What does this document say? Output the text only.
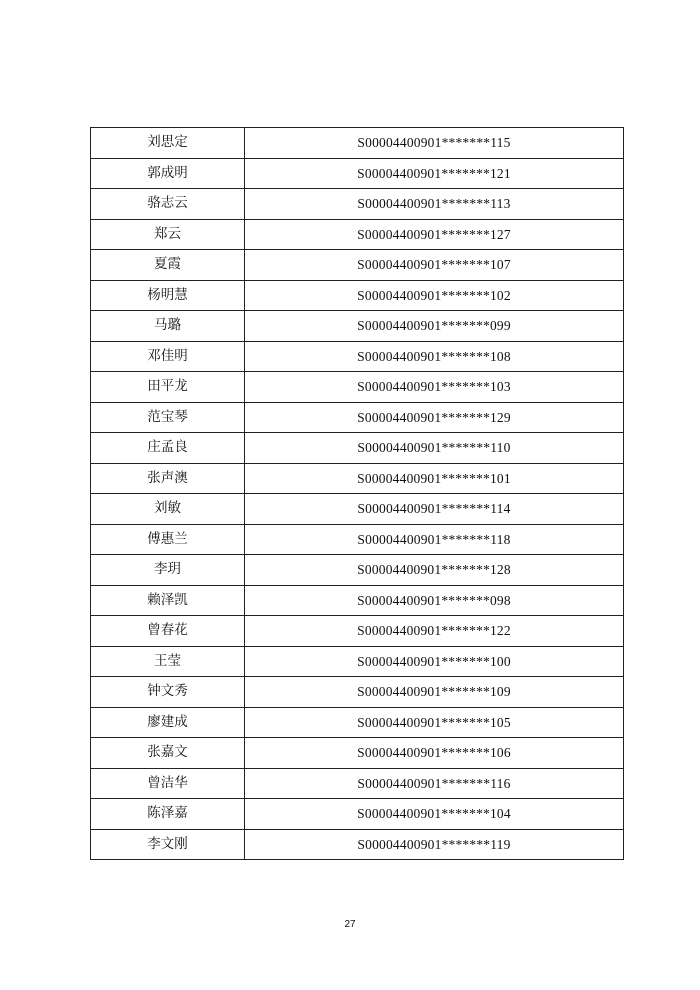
刘思定	S00004400901*******115
郭成明	S00004400901*******121
骆志云	S00004400901*******113
郑云	S00004400901*******127
夏霞	S00004400901*******107
杨明慧	S00004400901*******102
马璐	S00004400901*******099
邓佳明	S00004400901*******108
田平龙	S00004400901*******103
范宝琴	S00004400901*******129
庄孟良	S00004400901*******110
张声澳	S00004400901*******101
刘敏	S00004400901*******114
傅惠兰	S00004400901*******118
李玥	S00004400901*******128
赖泽凯	S00004400901*******098
曾春花	S00004400901*******122
王莹	S00004400901*******100
钟文秀	S00004400901*******109
廖建成	S00004400901*******105
张嘉文	S00004400901*******106
曾洁华	S00004400901*******116
陈泽嘉	S00004400901*******104
李文刚	S00004400901*******119
27
